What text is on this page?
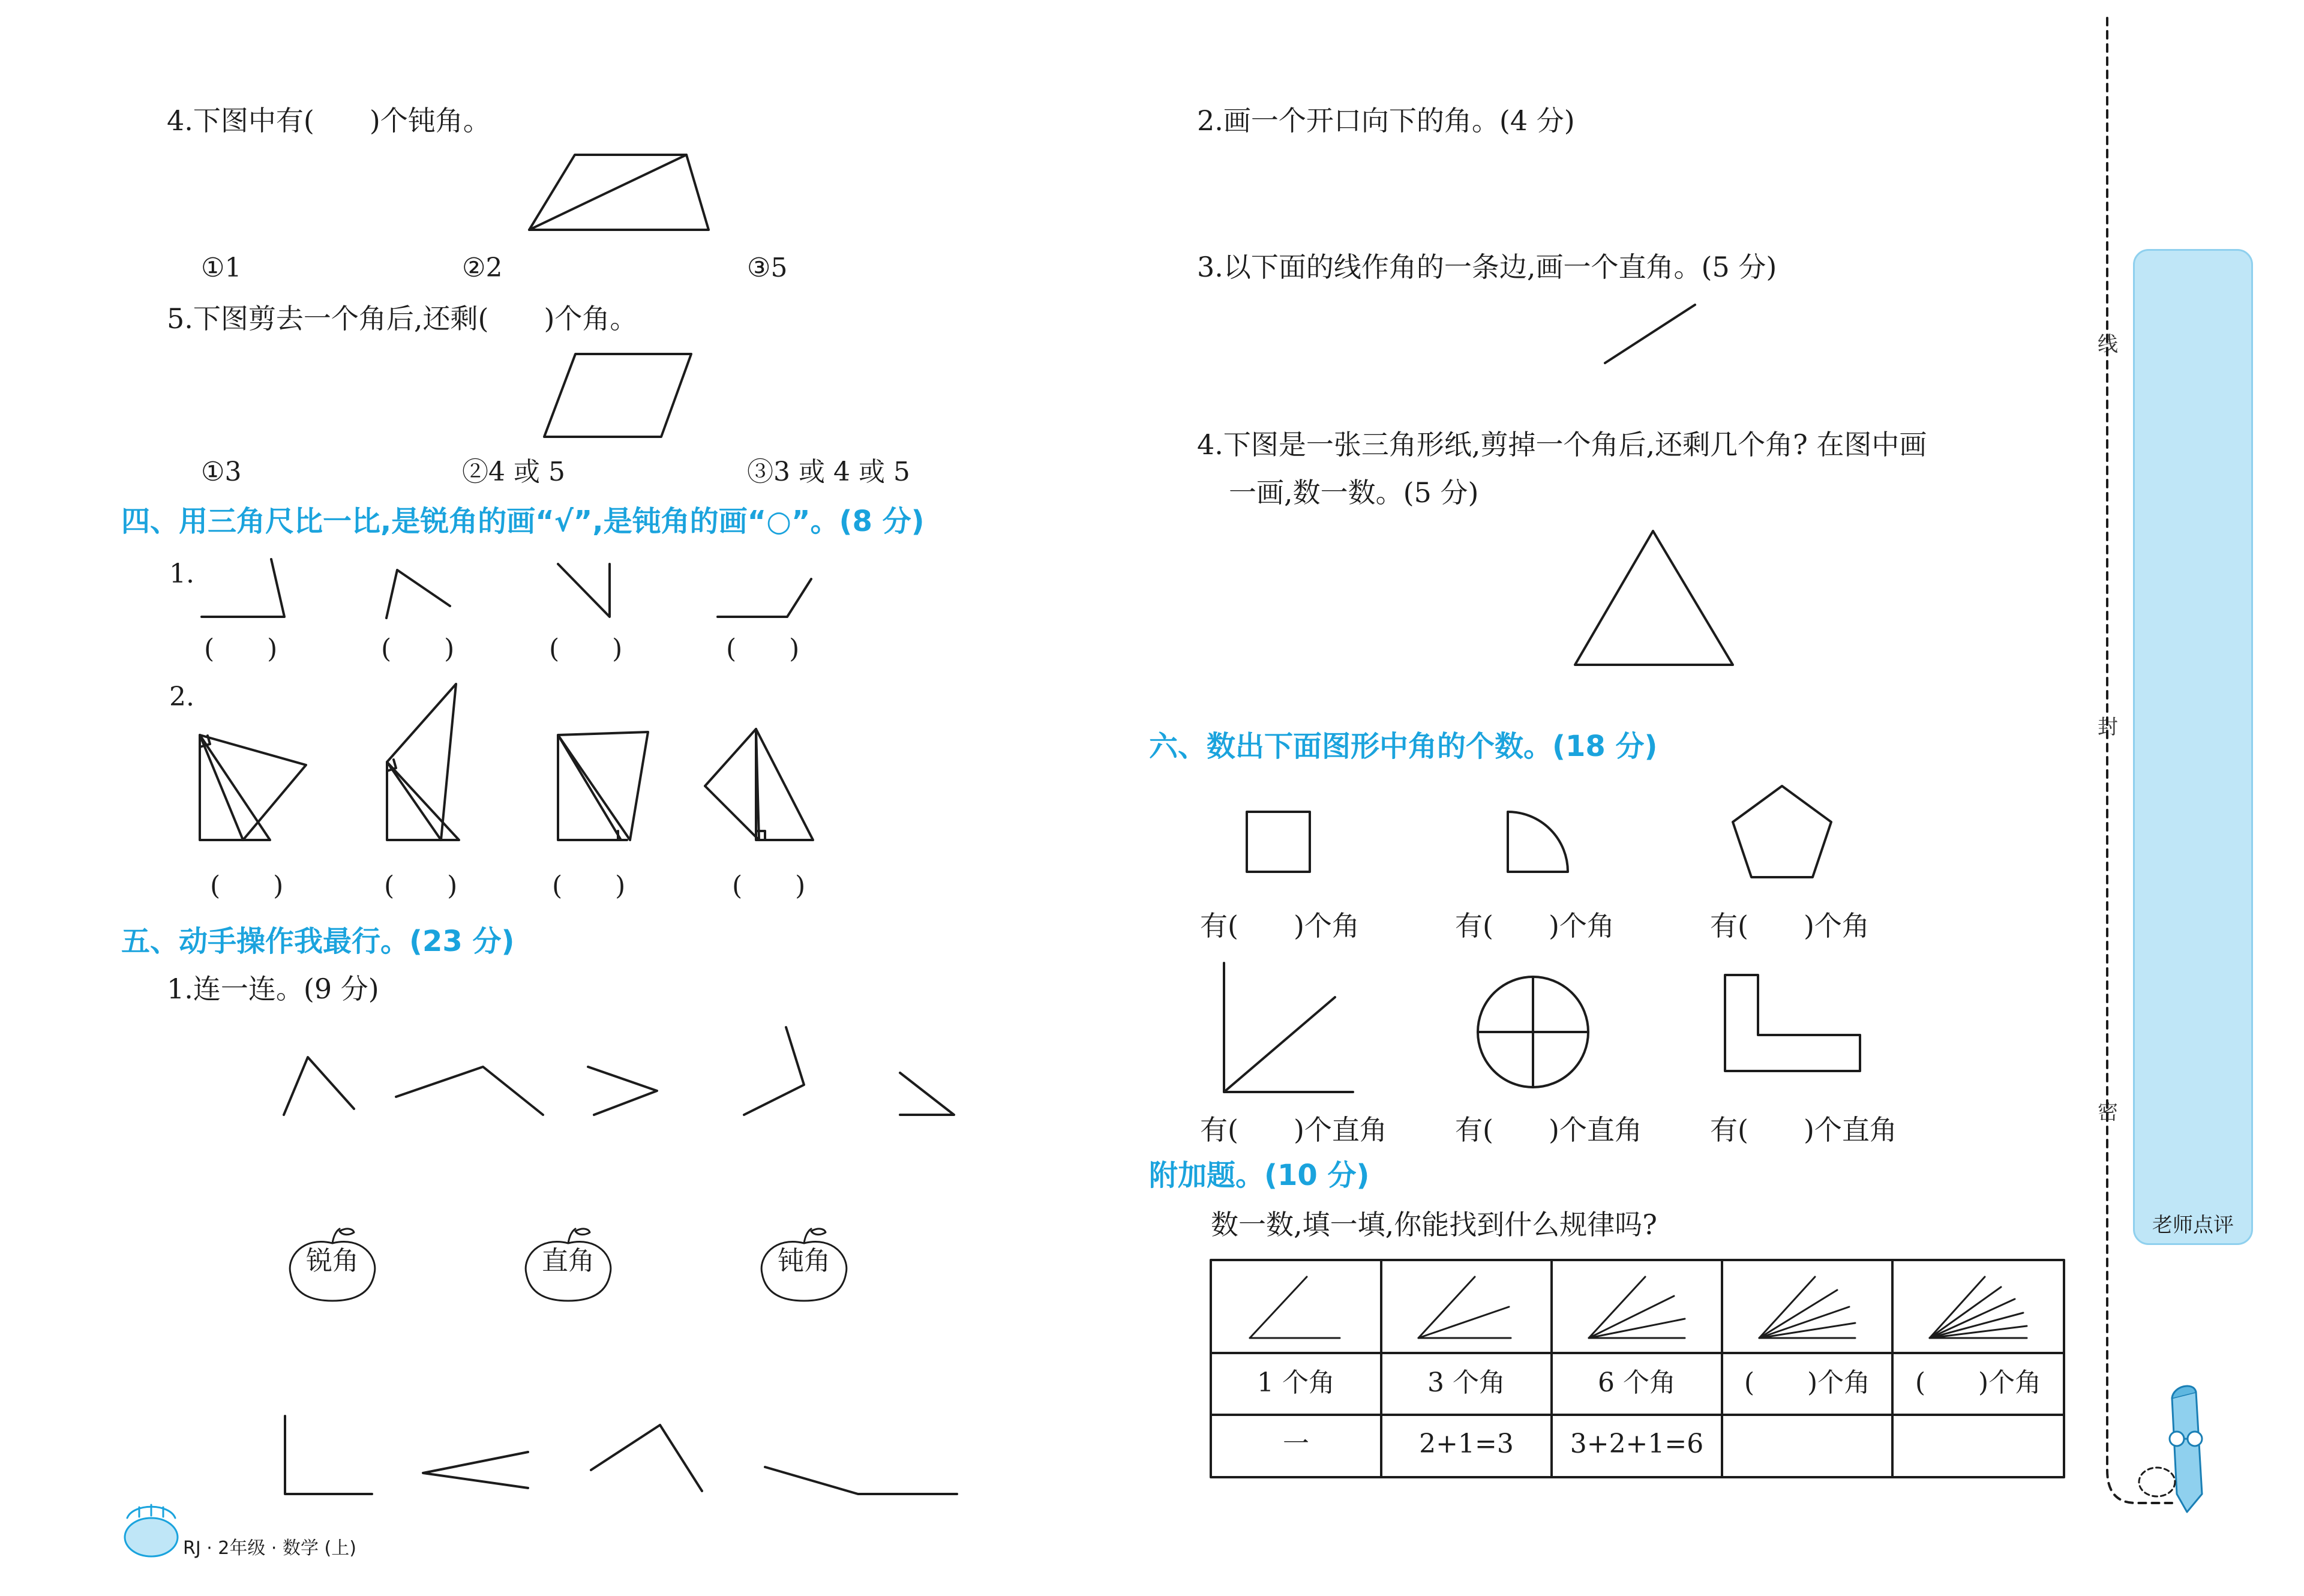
4.下图中有(　　)个钝角。
①1	②2	③5
5.下图剪去一个角后,还剩(　　)个角。
①3	②4 或 5	③3 或 4 或 5
四、用三角尺比一比,是锐角的画“√”,是钝角的画“○”。(8 分)
1.
2.
(　　)	(　　)	(　　)	(　　)
(　　)	(　　)	(　　)	(　　)
五、动手操作我最行。(23 分)
1.连一连。(9 分)
锐角	直角	钝角
RJ · 2年级 · 数学 (上)
2.画一个开口向下的角。(4 分)
3.以下面的线作角的一条边,画一个直角。(5 分)
4.下图是一张三角形纸,剪掉一个角后,还剩几个角? 在图中画
一画,数一数。(5 分)
六、数出下面图形中角的个数。(18 分)
有(　　)个角	有(　　)个角	有(　　)个角
有(　　)个直角 有(　　)个直角 有(　　)个直角
附加题。(10 分)
数一数,填一填,你能找到什么规律吗?
1 个角	3 个角	6 个角	(　　)个角	(　　)个角
一	2+1=3	3+2+1=6
老师点评
线
封
密
